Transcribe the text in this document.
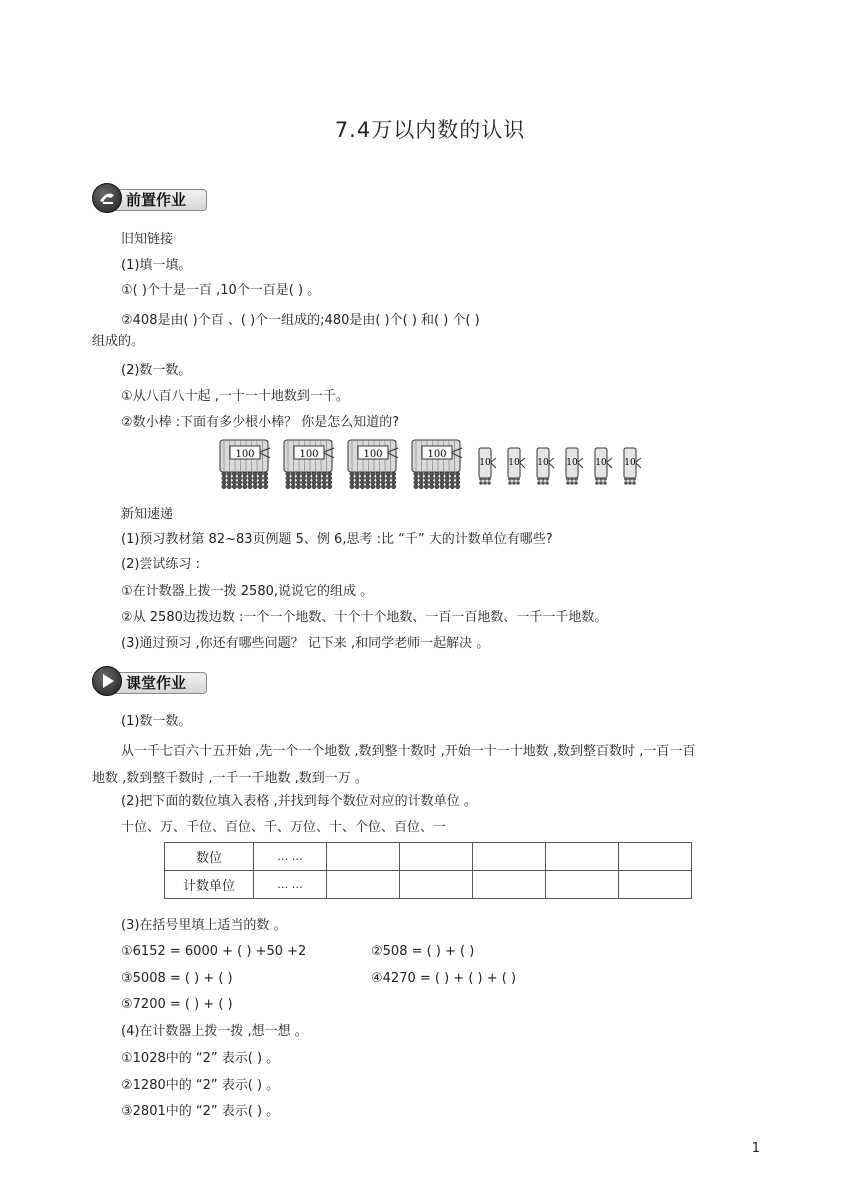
7.4万以内数的认识
前置作业
旧知链接
(1)填一填。
①( )个十是一百 ,10个一百是( ) 。
②408是由( )个百 、( )个一组成的;480是由( )个( ) 和( ) 个( )
组成的。
(2)数一数。
①从八百八十起 ,一十一十地数到一千。
②数小棒 :下面有多少根小棒？ 你是怎么知道的?
100	100	100	100
10 10 10 10 10 10
新知速递
(1)预习教材第 82~83页例题 5、例 6,思考 :比 “千” 大的计数单位有哪些?
(2)尝试练习 :
①在计数器上拨一拨 2580,说说它的组成 。
②从 2580边拨边数 :一个一个地数、十个十个地数、一百一百地数、一千一千地数。
(3)通过预习 ,你还有哪些问题？ 记下来 ,和同学老师一起解决 。
课堂作业
(1)数一数。
从一千七百六十五开始 ,先一个一个地数 ,数到整十数时 ,开始一十一十地数 ,数到整百数时 ,一百一百
地数 ,数到整千数时 ,一千一千地数 ,数到一万 。
(2)把下面的数位填入表格 ,并找到每个数位对应的计数单位 。
十位、万、千位、百位、千、万位、十、个位、百位、一
数位	… …					
计数单位	… …					
(3)在括号里填上适当的数 。
①6152 = 6000 + ( ) +50 +2	②508 = ( ) + ( )
③5008 = ( ) + ( )	④4270 = ( ) + ( ) + ( )
⑤7200 = ( ) + ( )
(4)在计数器上拨一拨 ,想一想 。
①1028中的 “2” 表示( ) 。
②1280中的 “2” 表示( ) 。
③2801中的 “2” 表示( ) 。
1
